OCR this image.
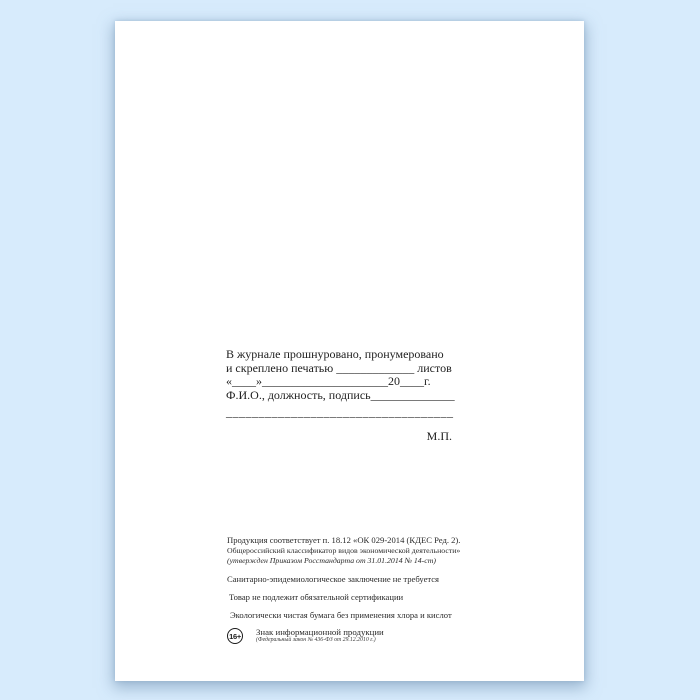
В журнале прошнуровано, пронумеровано
и скреплено печатью _____________ листов
«____»_____________________20____г.
Ф.И.О., должность, подпись______________
___________________________________
М.П.
Продукция соответствует п. 18.12 «ОК 029-2014 (КДЕС Ред. 2).
Общероссийский классификатор видов экономической деятельности»
(утвержден Приказом Росстандарта от 31.01.2014 № 14-ст)
Санитарно-эпидемиологическое заключение не требуется
Товар не подлежит обязательной сертификации
Экологически чистая бумага без применения хлора и кислот
16+ Знак информационной продукции
(Федеральный закон № 436-ФЗ от 29.12.2010 г.)
